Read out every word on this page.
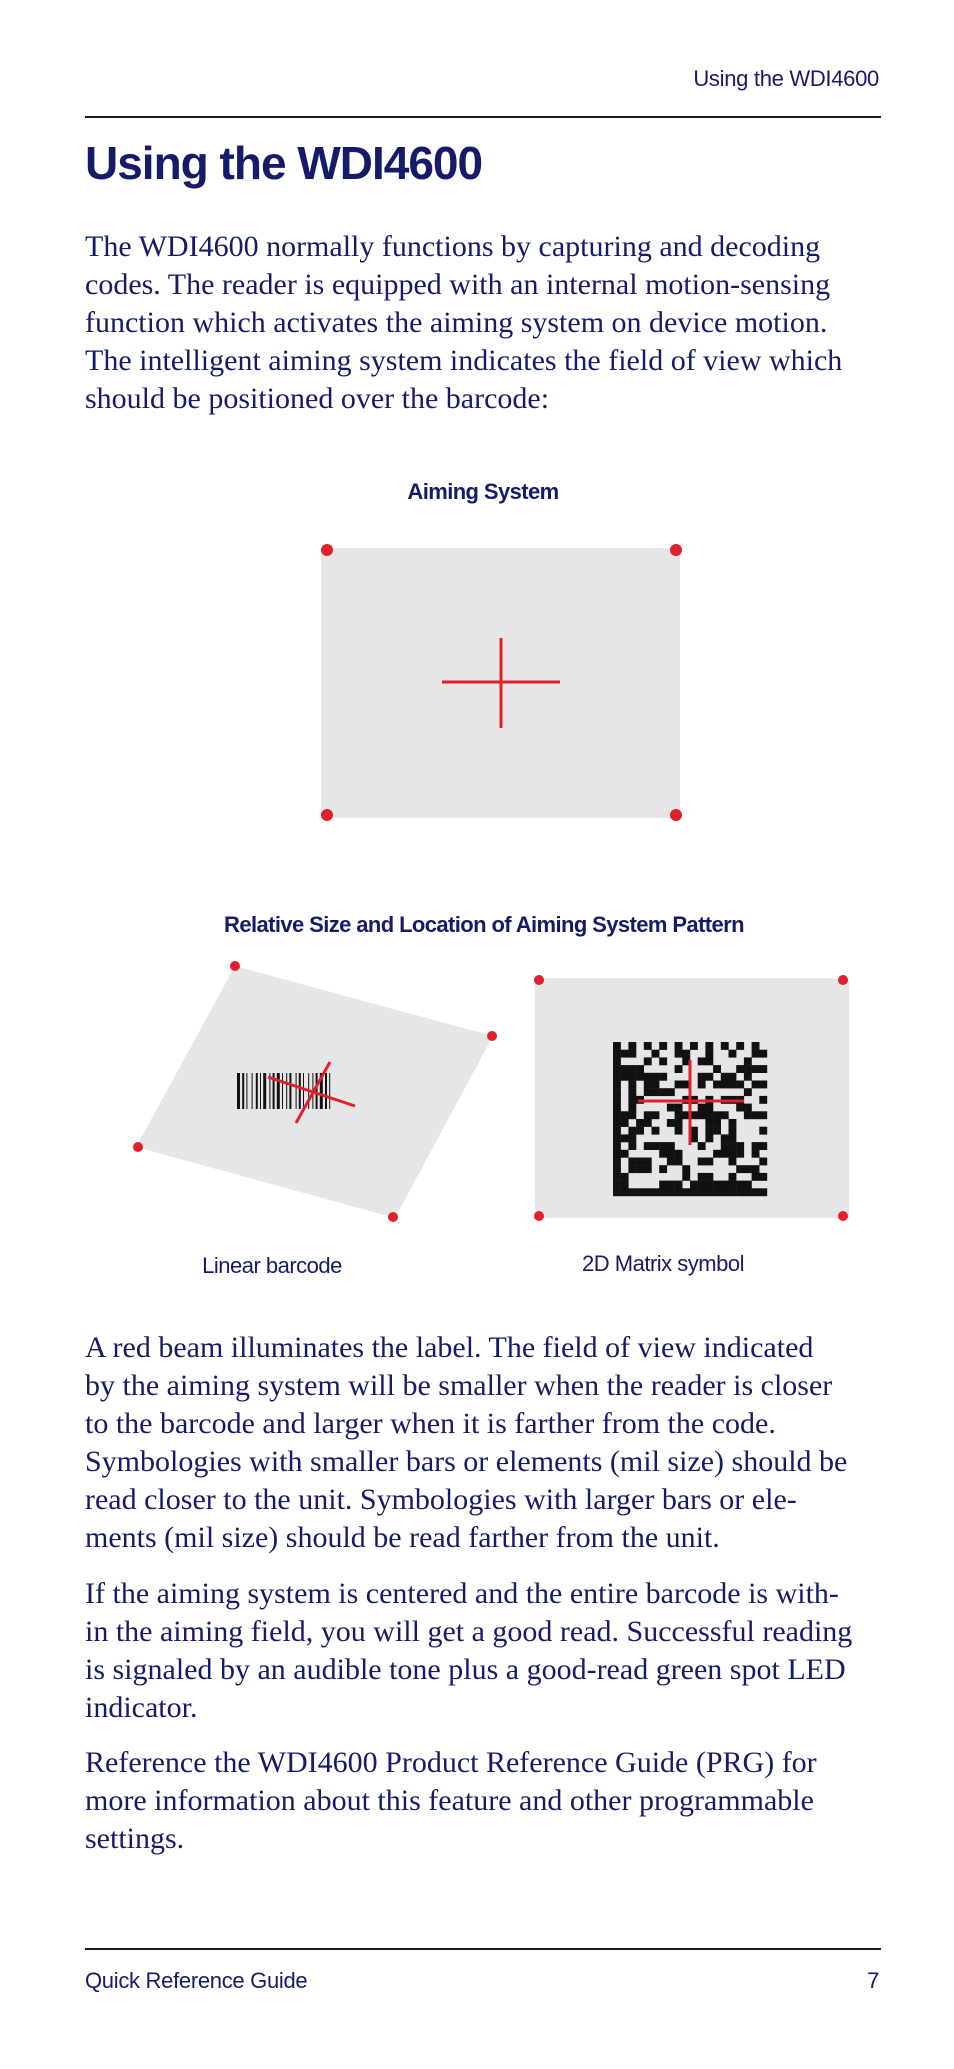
Using the WDI4600
Using the WDI4600

The WDI4600 normally functions by capturing and decoding
codes. The reader is equipped with an internal motion-sensing
function which activates the aiming system on device motion.
The intelligent aiming system indicates the field of view which
should be positioned over the barcode:

Aiming System
Relative Size and Location of Aiming System Pattern
Linear barcode	2D Matrix symbol

A red beam illuminates the label. The field of view indicated
by the aiming system will be smaller when the reader is closer
to the barcode and larger when it is farther from the code.
Symbologies with smaller bars or elements (mil size) should be
read closer to the unit. Symbologies with larger bars or ele-
ments (mil size) should be read farther from the unit.

If the aiming system is centered and the entire barcode is with-
in the aiming field, you will get a good read. Successful reading
is signaled by an audible tone plus a good-read green spot LED
indicator.

Reference the WDI4600 Product Reference Guide (PRG) for
more information about this feature and other programmable
settings.

Quick Reference Guide	7
